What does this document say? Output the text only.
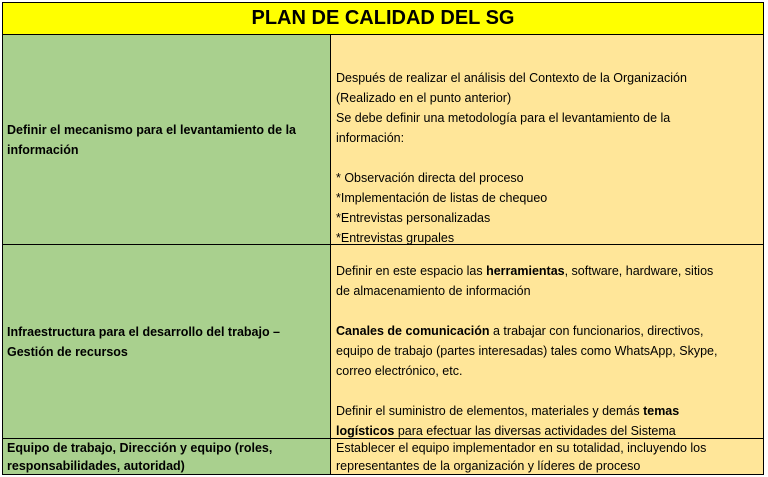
PLAN DE CALIDAD DEL SG
Definir el mecanismo para el levantamiento de la información
Después de realizar el análisis del Contexto de la Organización
(Realizado en el punto anterior)
Se debe definir una metodología para el levantamiento de la
información:
* Observación directa del proceso
*Implementación de listas de chequeo
*Entrevistas personalizadas
*Entrevistas grupales
Infraestructura para el desarrollo del trabajo – Gestión de recursos
Definir en este espacio las herramientas, software, hardware, sitios
de almacenamiento de información
Canales de comunicación a trabajar con funcionarios, directivos,
equipo de trabajo (partes interesadas) tales como WhatsApp, Skype,
correo electrónico, etc.
Definir el suministro de elementos, materiales y demás temas
logísticos para efectuar las diversas actividades del Sistema
Equipo de trabajo, Dirección y equipo (roles, responsabilidades, autoridad)
Establecer el equipo implementador en su totalidad, incluyendo los
representantes de la organización y líderes de proceso
